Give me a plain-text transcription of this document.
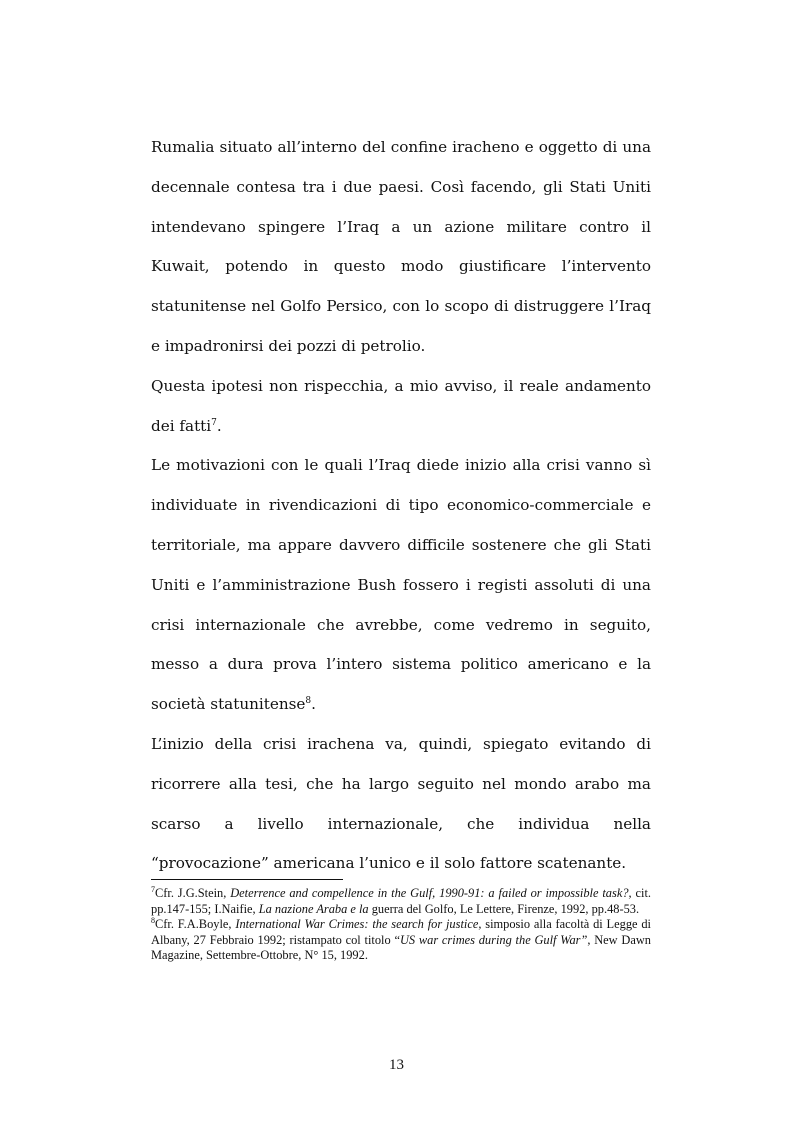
Rumalia situato all’interno del confine iracheno e oggetto di una decennale contesa tra i due paesi. Così facendo, gli Stati Uniti intendevano spingere l’Iraq a un azione militare contro il Kuwait, potendo in questo modo giustificare l’intervento statunitense nel Golfo Persico, con lo scopo di distruggere l’Iraq e impadronirsi dei pozzi di petrolio.

Questa ipotesi non rispecchia, a mio avviso, il reale andamento dei fatti$^7$.

Le motivazioni con le quali l’Iraq diede inizio alla crisi vanno sì individuate in rivendicazioni di tipo economico-commerciale e territoriale, ma appare davvero difficile sostenere che gli Stati Uniti e l’amministrazione Bush fossero i registi assoluti di una crisi internazionale che avrebbe, come vedremo in seguito, messo a dura prova l’intero sistema politico americano e la società statunitense$^8$.

L’inizio della crisi irachena va, quindi, spiegato evitando di ricorrere alla tesi, che ha largo seguito nel mondo arabo ma scarso a livello internazionale, che individua nella “provocazione” americana l’unico e il solo fattore scatenante.

$^7$Cfr. J.G.Stein, Deterrence and compellence in the Gulf, 1990-91: a failed or impossible task?, cit. pp.147-155; I.Naifie, La nazione Araba e la guerra del Golfo, Le Lettere, Firenze, 1992, pp.48-53.

$^8$Cfr. F.A.Boyle, International War Crimes: the search for justice, simposio alla facoltà di Legge di Albany, 27 Febbraio 1992; ristampato col titolo “US war crimes during the Gulf War”, New Dawn Magazine, Settembre-Ottobre, N° 15, 1992.

13
